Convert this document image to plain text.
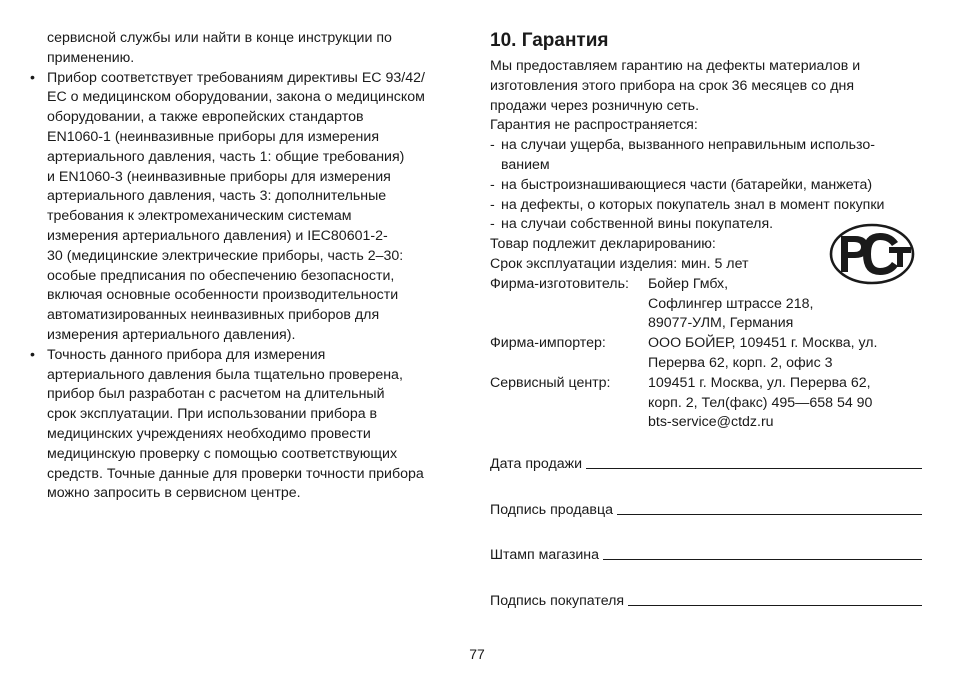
сервисной службы или найти в конце инструкции по
применению.
• Прибор соответствует требованиям директивы ЕС 93/42/
ЕС о медицинском оборудовании, закона о медицинском
оборудовании, а также европейских стандартов
EN1060-1 (неинвазивные приборы для измерения
артериального давления, часть 1: общие требования)
и EN1060-3 (неинвазивные приборы для измерения
артериального давления, часть 3: дополнительные
требования к электромеханическим системам
измерения артериального давления) и IEC80601-2-
30 (медицинские электрические приборы, часть 2–30:
особые предписания по обеспечению безопасности,
включая основные особенности производительности
автоматизированных неинвазивных приборов для
измерения артериального давления).
• Точность данного прибора для измерения
артериального давления была тщательно проверена,
прибор был разработан с расчетом на длительный
срок эксплуатации. При использовании прибора в
медицинских учреждениях необходимо провести
медицинскую проверку с помощью соответствующих
средств. Точные данные для проверки точности прибора
можно запросить в сервисном центре.
10. Гарантия
Мы предоставляем гарантию на дефекты материалов и
изготовления этого прибора на срок 36 месяцев со дня
продажи через розничную сеть.
Гарантия не распространяется:
- на случаи ущерба, вызванного неправильным использо-
ванием
- на быстроизнашивающиеся части (батарейки, манжета)
- на дефекты, о которых покупатель знал в момент покупки
- на случаи собственной вины покупателя.
Товар подлежит декларированию:
Срок эксплуатации изделия: мин. 5 лет
Фирма-изготовитель:	Бойер Гмбх,
Софлингер штрассе 218,
89077-УЛМ, Германия
Фирма-импортер:	ООО БОЙЕР, 109451 г. Москва, ул.
Перерва 62, корп. 2, офис 3
Сервисный центр:	109451 г. Москва, ул. Перерва 62,
корп. 2, Тел(факс) 495—658 54 90
bts-service@ctdz.ru
Дата продажи
Подпись продавца
Штамп магазина
Подпись покупателя
77
